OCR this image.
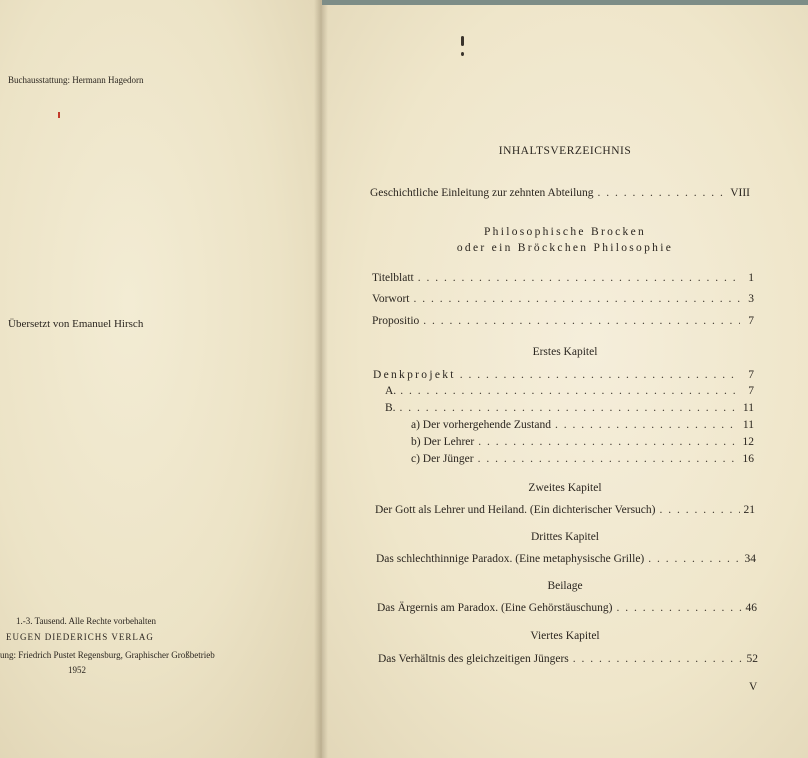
Buchausstattung: Hermann Hagedorn
Übersetzt von Emanuel Hirsch
1.-3. Tausend. Alle Rechte vorbehalten
EUGEN DIEDERICHS VERLAG
ung: Friedrich Pustet Regensburg, Graphischer Großbetrieb
1952
INHALTSVERZEICHNIS
Geschichtliche Einleitung zur zehnten Abteilung . . .	VIII
Philosophische Brocken
oder ein Bröckchen Philosophie
Titelblatt . . .	1
Vorwort . . .	3
Propositio . . .	7
Erstes Kapitel
Denkprojekt . . .	7
A. . . .	7
B. . . .	11
a) Der vorhergehende Zustand . . .	11
b) Der Lehrer . . .	12
c) Der Jünger . . .	16
Zweites Kapitel
Der Gott als Lehrer und Heiland. (Ein dichterischer Versuch) . . .	21
Drittes Kapitel
Das schlechthinnige Paradox. (Eine metaphysische Grille) . . .	34
Beilage
Das Ärgernis am Paradox. (Eine Gehörstäuschung) . . .	46
Viertes Kapitel
Das Verhältnis des gleichzeitigen Jüngers . . .	52
V
